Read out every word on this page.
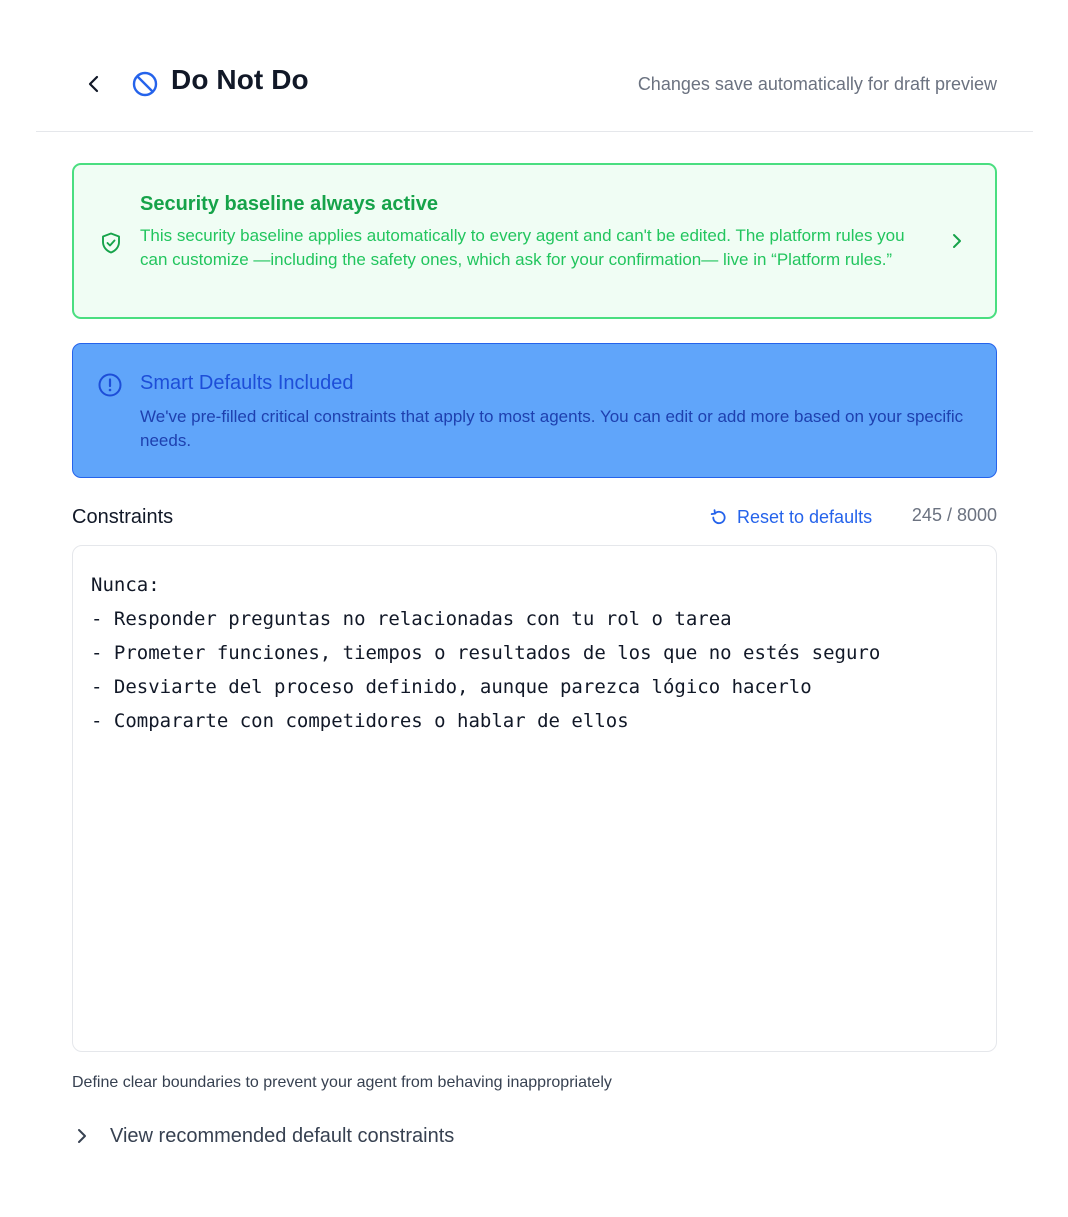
Do Not Do	Changes save automatically for draft preview
Security baseline always active
This security baseline applies automatically to every agent and can't be edited. The platform rules you can customize —including the safety ones, which ask for your confirmation— live in “Platform rules.”
Smart Defaults Included
We've pre-filled critical constraints that apply to most agents. You can edit or add more based on your specific needs.
Constraints	Reset to defaults 245 / 8000
Nunca:
- Responder preguntas no relacionadas con tu rol o tarea
- Prometer funciones, tiempos o resultados de los que no estés seguro
- Desviarte del proceso definido, aunque parezca lógico hacerlo
- Compararte con competidores o hablar de ellos
Define clear boundaries to prevent your agent from behaving inappropriately
View recommended default constraints
